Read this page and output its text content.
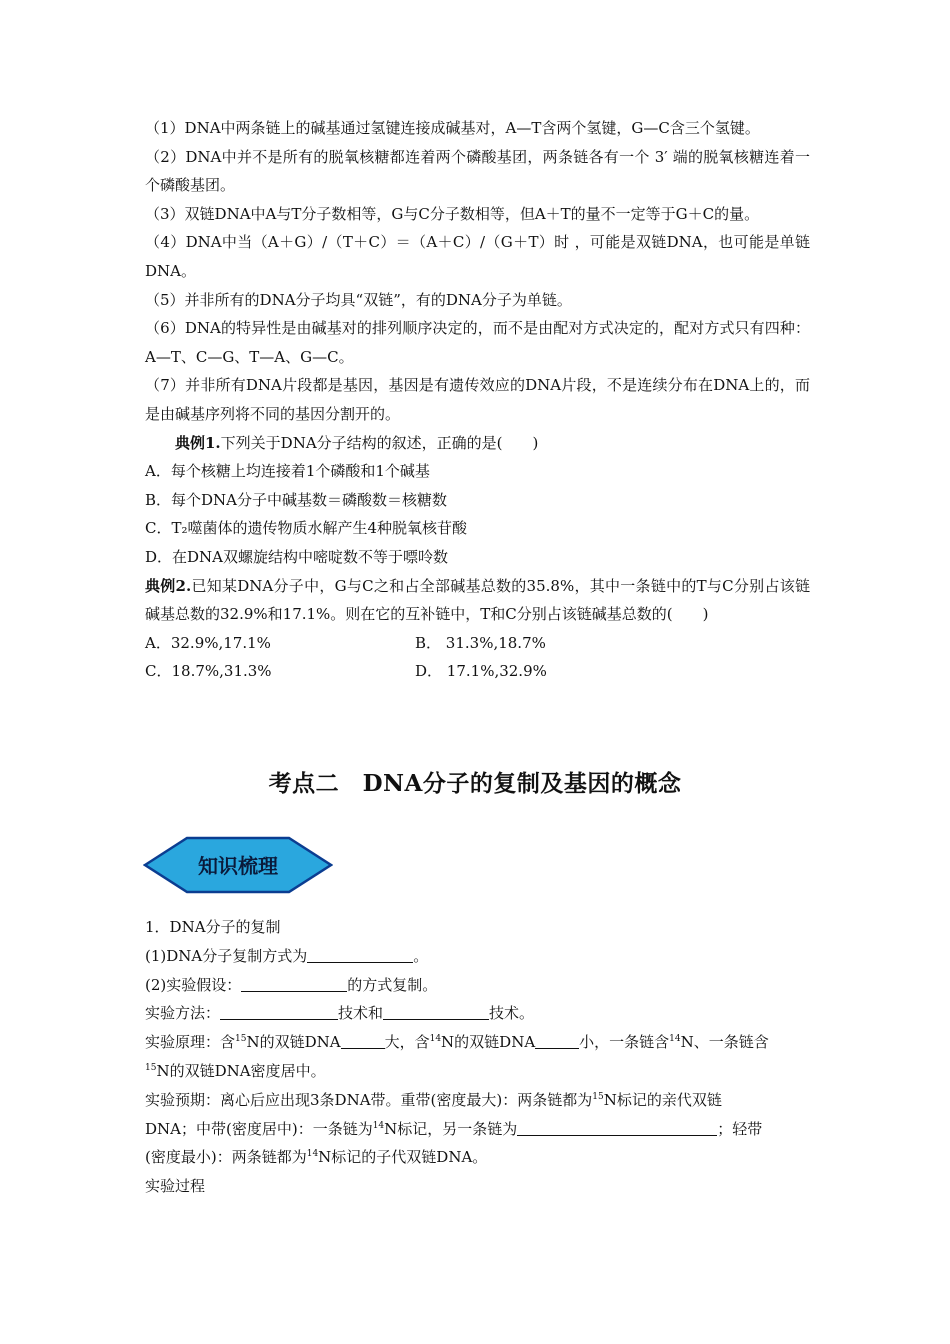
（1）DNA中两条链上的碱基通过氢键连接成碱基对，A—T含两个氢键，G—C含三个氢键。
（2）DNA中并不是所有的脱氧核糖都连着两个磷酸基团，两条链各有一个 3′ 端的脱氧核糖连着一个磷酸基团。
（3）双链DNA中A与T分子数相等，G与C分子数相等，但A＋T的量不一定等于G＋C的量。
（4）DNA中当（A＋G）/（T＋C）＝（A＋C）/（G＋T）时 ，可能是双链DNA，也可能是单链DNA。
（5）并非所有的DNA分子均具“双链”，有的DNA分子为单链。
（6）DNA的特异性是由碱基对的排列顺序决定的，而不是由配对方式决定的，配对方式只有四种：A—T、C—G、T—A、G—C。
（7）并非所有DNA片段都是基因，基因是有遗传效应的DNA片段，不是连续分布在DNA上的，而是由碱基序列将不同的基因分割开的。
典例1.下列关于DNA分子结构的叙述，正确的是(　　)
A．每个核糖上均连接着1个磷酸和1个碱基
B．每个DNA分子中碱基数＝磷酸数＝核糖数
C．T₂噬菌体的遗传物质水解产生4种脱氧核苷酸
D．在DNA双螺旋结构中嘧啶数不等于嘌呤数
典例2.已知某DNA分子中，G与C之和占全部碱基总数的35.8%，其中一条链中的T与C分别占该链碱基总数的32.9%和17.1%。则在它的互补链中，T和C分别占该链碱基总数的(　　)
A．32.9%,17.1%	B． 31.3%,18.7%
C．18.7%,31.3%	D． 17.1%,32.9%
考点二　DNA分子的复制及基因的概念
知识梳理
1．DNA分子的复制
(1)DNA分子复制方式为	。
(2)实验假设：	的方式复制。
实验方法：	技术和	技术。
实验原理：含$^{15}$N的双链DNA	大，含$^{14}$N的双链DNA	小，一条链含$^{14}$N、一条链含
$^{15}$N的双链DNA密度居中。
实验预期：离心后应出现3条DNA带。重带(密度最大)：两条链都为$^{15}$N标记的亲代双链
DNA；中带(密度居中)：一条链为$^{14}$N标记，另一条链为	；轻带
(密度最小)：两条链都为$^{14}$N标记的子代双链DNA。
实验过程
